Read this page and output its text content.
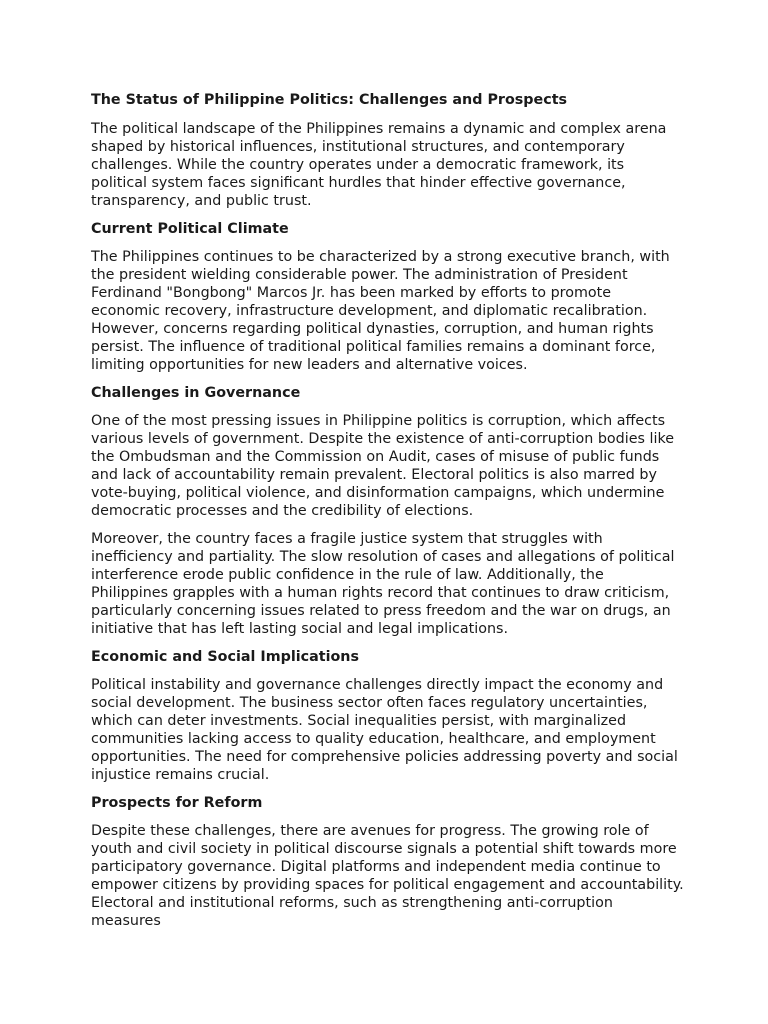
The Status of Philippine Politics: Challenges and Prospects

The political landscape of the Philippines remains a dynamic and complex arena shaped by historical influences, institutional structures, and contemporary challenges. While the country operates under a democratic framework, its political system faces significant hurdles that hinder effective governance, transparency, and public trust.

Current Political Climate

The Philippines continues to be characterized by a strong executive branch, with the president wielding considerable power. The administration of President Ferdinand "Bongbong" Marcos Jr. has been marked by efforts to promote economic recovery, infrastructure development, and diplomatic recalibration. However, concerns regarding political dynasties, corruption, and human rights persist. The influence of traditional political families remains a dominant force, limiting opportunities for new leaders and alternative voices.

Challenges in Governance

One of the most pressing issues in Philippine politics is corruption, which affects various levels of government. Despite the existence of anti-corruption bodies like the Ombudsman and the Commission on Audit, cases of misuse of public funds and lack of accountability remain prevalent. Electoral politics is also marred by vote-buying, political violence, and disinformation campaigns, which undermine democratic processes and the credibility of elections.

Moreover, the country faces a fragile justice system that struggles with inefficiency and partiality. The slow resolution of cases and allegations of political interference erode public confidence in the rule of law. Additionally, the Philippines grapples with a human rights record that continues to draw criticism, particularly concerning issues related to press freedom and the war on drugs, an initiative that has left lasting social and legal implications.

Economic and Social Implications

Political instability and governance challenges directly impact the economy and social development. The business sector often faces regulatory uncertainties, which can deter investments. Social inequalities persist, with marginalized communities lacking access to quality education, healthcare, and employment opportunities. The need for comprehensive policies addressing poverty and social injustice remains crucial.

Prospects for Reform

Despite these challenges, there are avenues for progress. The growing role of youth and civil society in political discourse signals a potential shift towards more participatory governance. Digital platforms and independent media continue to empower citizens by providing spaces for political engagement and accountability. Electoral and institutional reforms, such as strengthening anti-corruption measures
